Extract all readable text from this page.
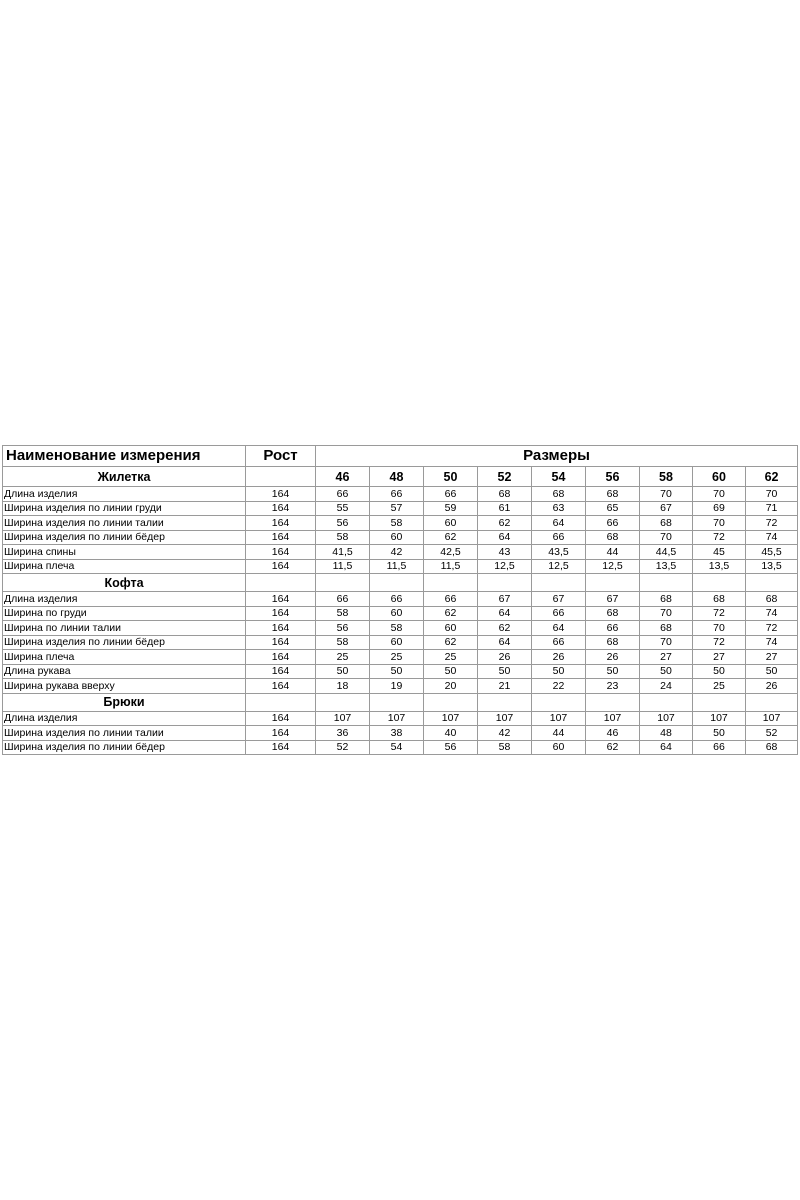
Наименование измерения	Рост	Размеры								
Жилетка		46	48	50	52	54	56	58	60	62
Длина изделия	164	66	66	66	68	68	68	70	70	70
Ширина изделия по линии груди	164	55	57	59	61	63	65	67	69	71
Ширина изделия по линии талии	164	56	58	60	62	64	66	68	70	72
Ширина изделия по линии бёдер	164	58	60	62	64	66	68	70	72	74
Ширина спины	164	41,5	42	42,5	43	43,5	44	44,5	45	45,5
Ширина плеча	164	11,5	11,5	11,5	12,5	12,5	12,5	13,5	13,5	13,5
Кофта										
Длина изделия	164	66	66	66	67	67	67	68	68	68
Ширина по груди	164	58	60	62	64	66	68	70	72	74
Ширина по линии талии	164	56	58	60	62	64	66	68	70	72
Ширина изделия по линии бёдер	164	58	60	62	64	66	68	70	72	74
Ширина плеча	164	25	25	25	26	26	26	27	27	27
Длина рукава	164	50	50	50	50	50	50	50	50	50
Ширина рукава вверху	164	18	19	20	21	22	23	24	25	26
Брюки										
Длина изделия	164	107	107	107	107	107	107	107	107	107
Ширина изделия по линии талии	164	36	38	40	42	44	46	48	50	52
Ширина изделия по линии бёдер	164	52	54	56	58	60	62	64	66	68
